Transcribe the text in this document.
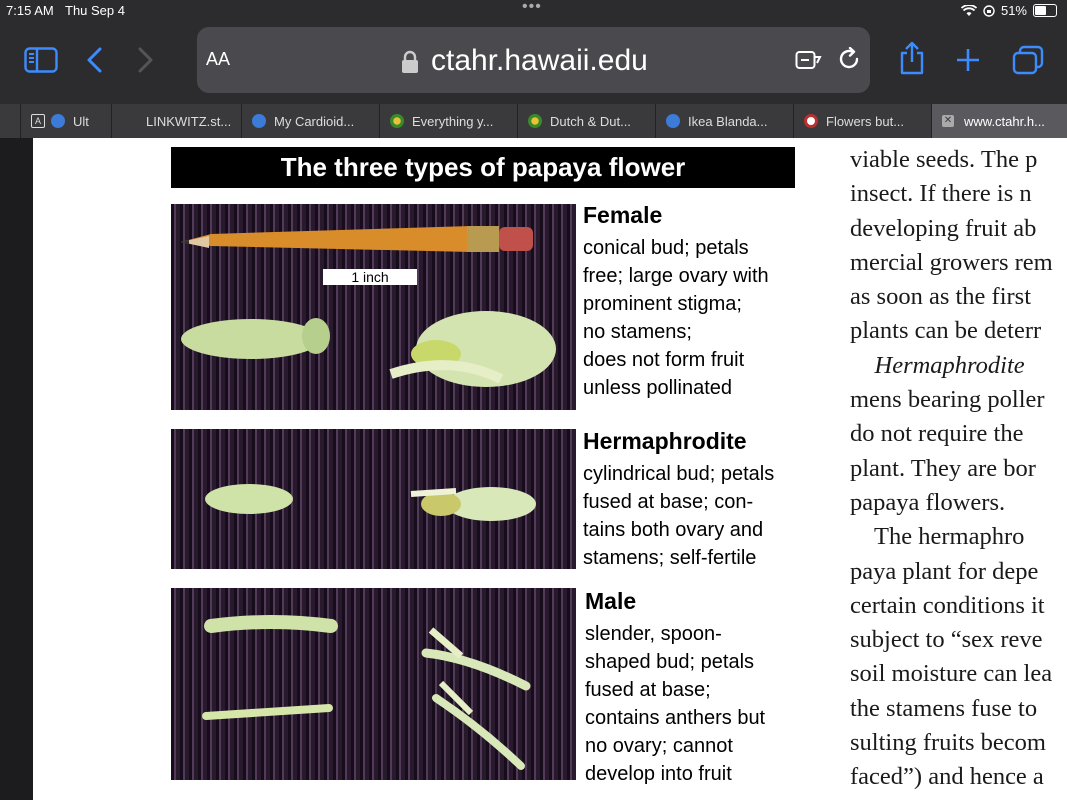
7:15 AM Thu Sep 4	•••	51%
AA	ctahr.hawaii.edu
A	Ult	LINKWITZ.st...	My Cardioid...	Everything y...	Dutch & Dut...	Ikea Blanda...	Flowers but...	✕ www.ctahr.h...
The three types of papaya flower
1 inch
Female
conical bud; petals
free; large ovary with
prominent stigma;
no stamens;
does not form fruit
unless pollinated
Hermaphrodite
cylindrical bud; petals
fused at base; con-
tains both ovary and
stamens; self-fertile
Male
slender, spoon-
shaped bud; petals
fused at base;
contains anthers but
no ovary; cannot
develop into fruit
viable seeds. The p
insect. If there is n
developing fruit ab
mercial growers rem
as soon as the first
plants can be deterr
Hermaphrodite
mens bearing poller
do not require the
plant. They are bor
papaya flowers.
The hermaphro
paya plant for depe
certain conditions it
subject to “sex reve
soil moisture can lea
the stamens fuse to
sulting fruits becom
faced”) and hence a
